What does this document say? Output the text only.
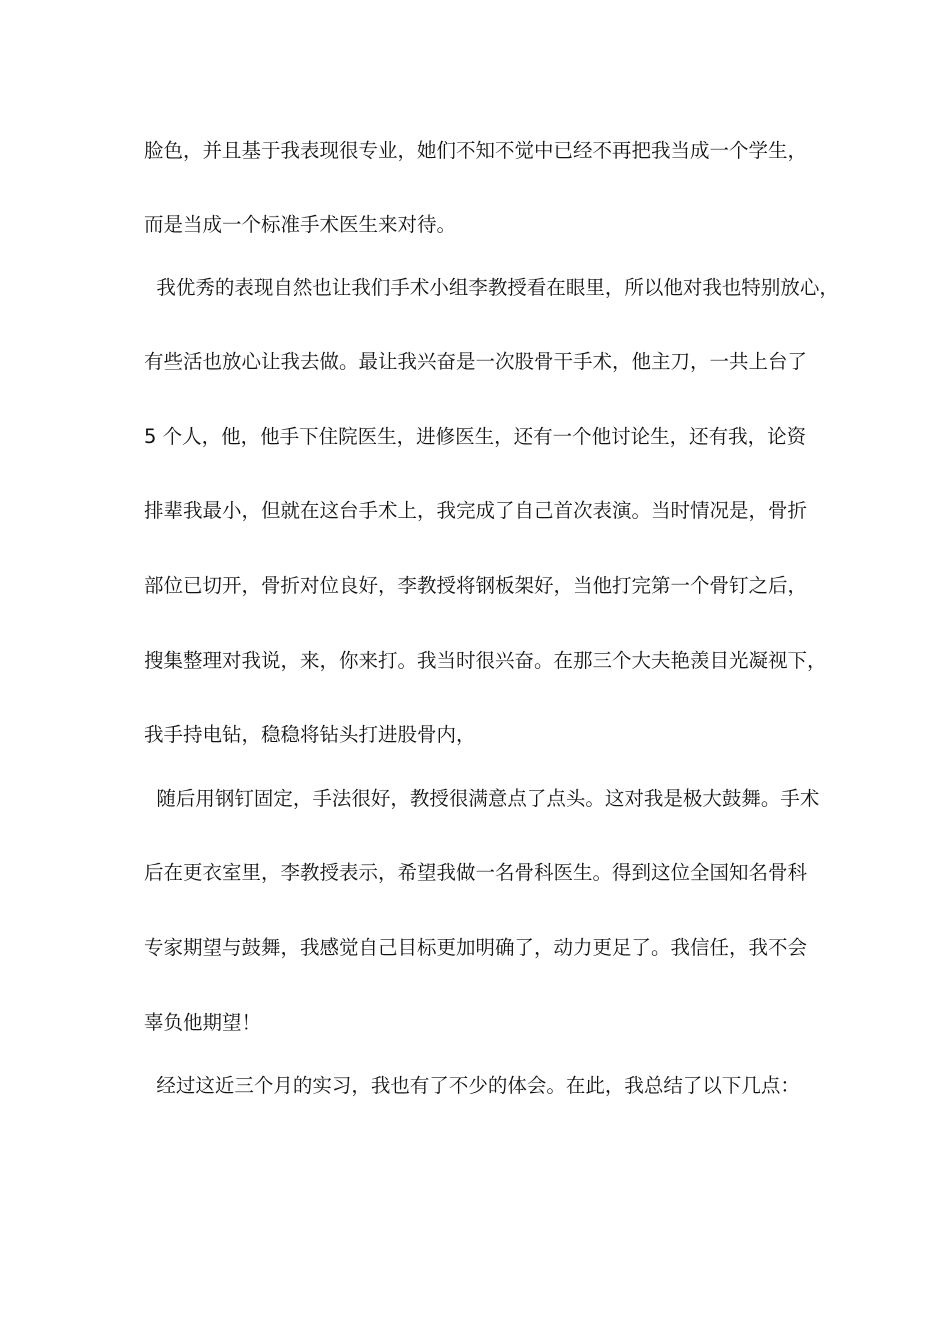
脸色，并且基于我表现很专业，她们不知不觉中已经不再把我当成一个学生，
而是当成一个标准手术医生来对待。
我优秀的表现自然也让我们手术小组李教授看在眼里，所以他对我也特别放心，
有些活也放心让我去做。最让我兴奋是一次股骨干手术，他主刀，一共上台了
5 个人，他，他手下住院医生，进修医生，还有一个他讨论生，还有我，论资
排辈我最小，但就在这台手术上，我完成了自己首次表演。当时情况是，骨折
部位已切开，骨折对位良好，李教授将钢板架好，当他打完第一个骨钉之后，
搜集整理对我说，来，你来打。我当时很兴奋。在那三个大夫艳羡目光凝视下，
我手持电钻，稳稳将钻头打进股骨内，
随后用钢钉固定，手法很好，教授很满意点了点头。这对我是极大鼓舞。手术
后在更衣室里，李教授表示，希望我做一名骨科医生。得到这位全国知名骨科
专家期望与鼓舞，我感觉自己目标更加明确了，动力更足了。我信任，我不会
辜负他期望！
经过这近三个月的实习，我也有了不少的体会。在此，我总结了以下几点：
